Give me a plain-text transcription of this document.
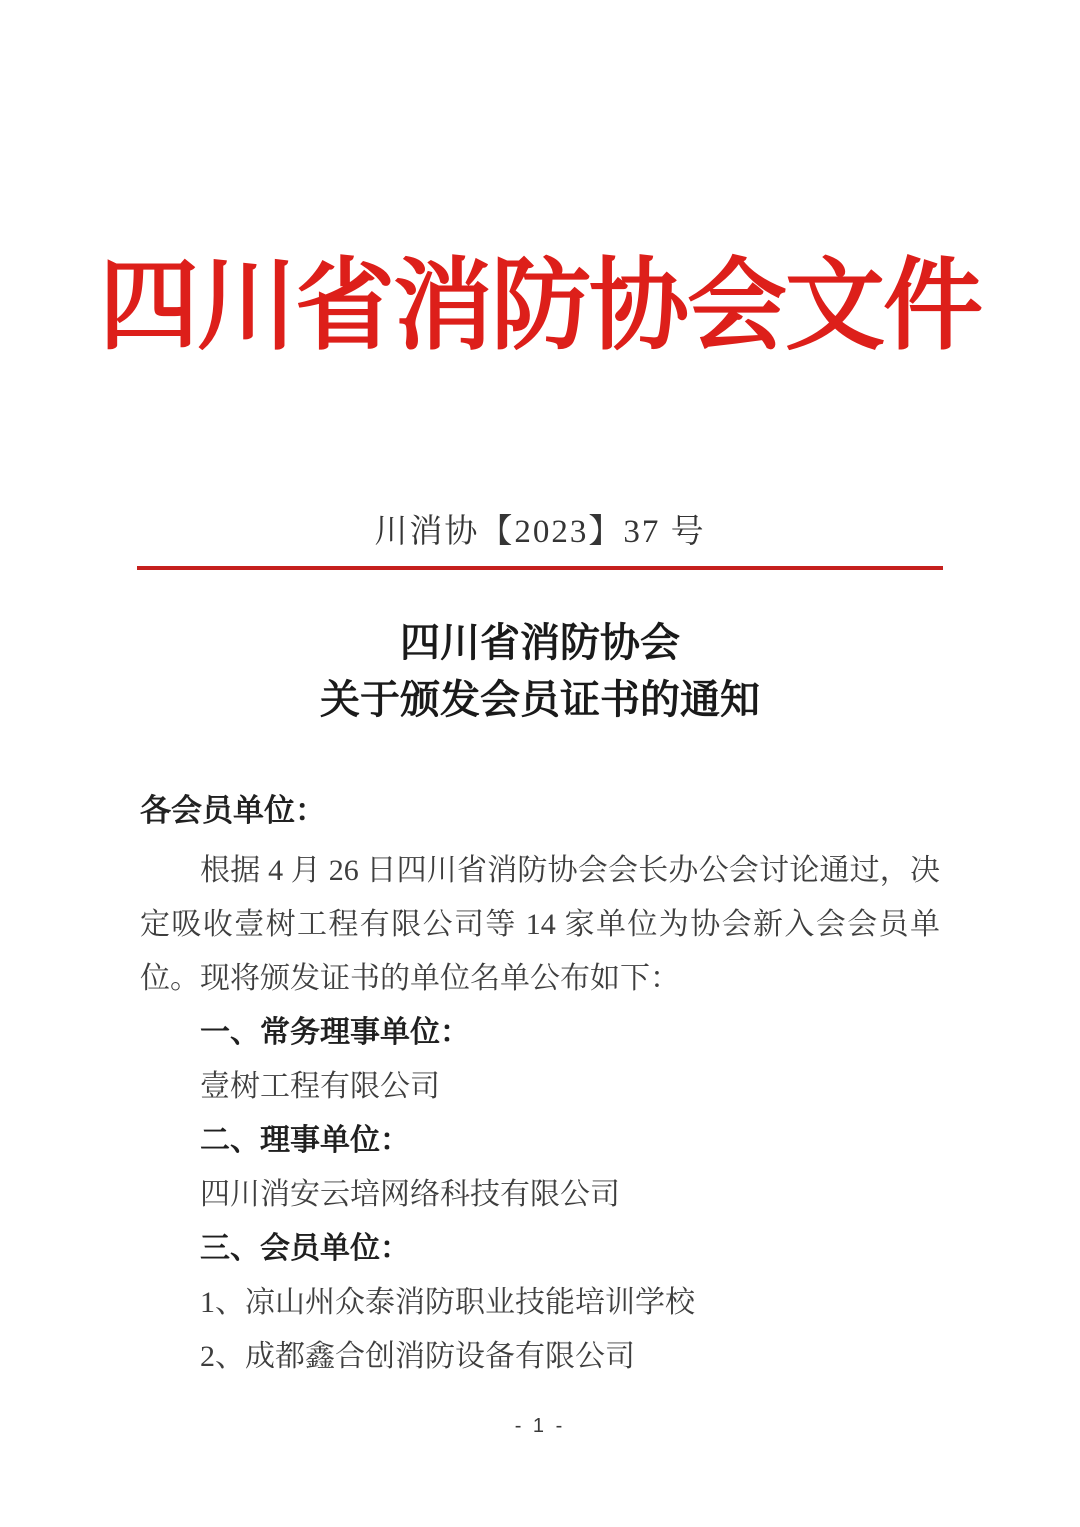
四川省消防协会文件
川消协【2023】37 号
四川省消防协会
关于颁发会员证书的通知

各会员单位：

根据 4 月 26 日四川省消防协会会长办公会讨论通过，决定吸收壹树工程有限公司等 14 家单位为协会新入会会员单位。现将颁发证书的单位名单公布如下：

一、常务理事单位：

壹树工程有限公司

二、理事单位：

四川消安云培网络科技有限公司

三、会员单位：

1、凉山州众泰消防职业技能培训学校

2、成都鑫合创消防设备有限公司

- 1 -
